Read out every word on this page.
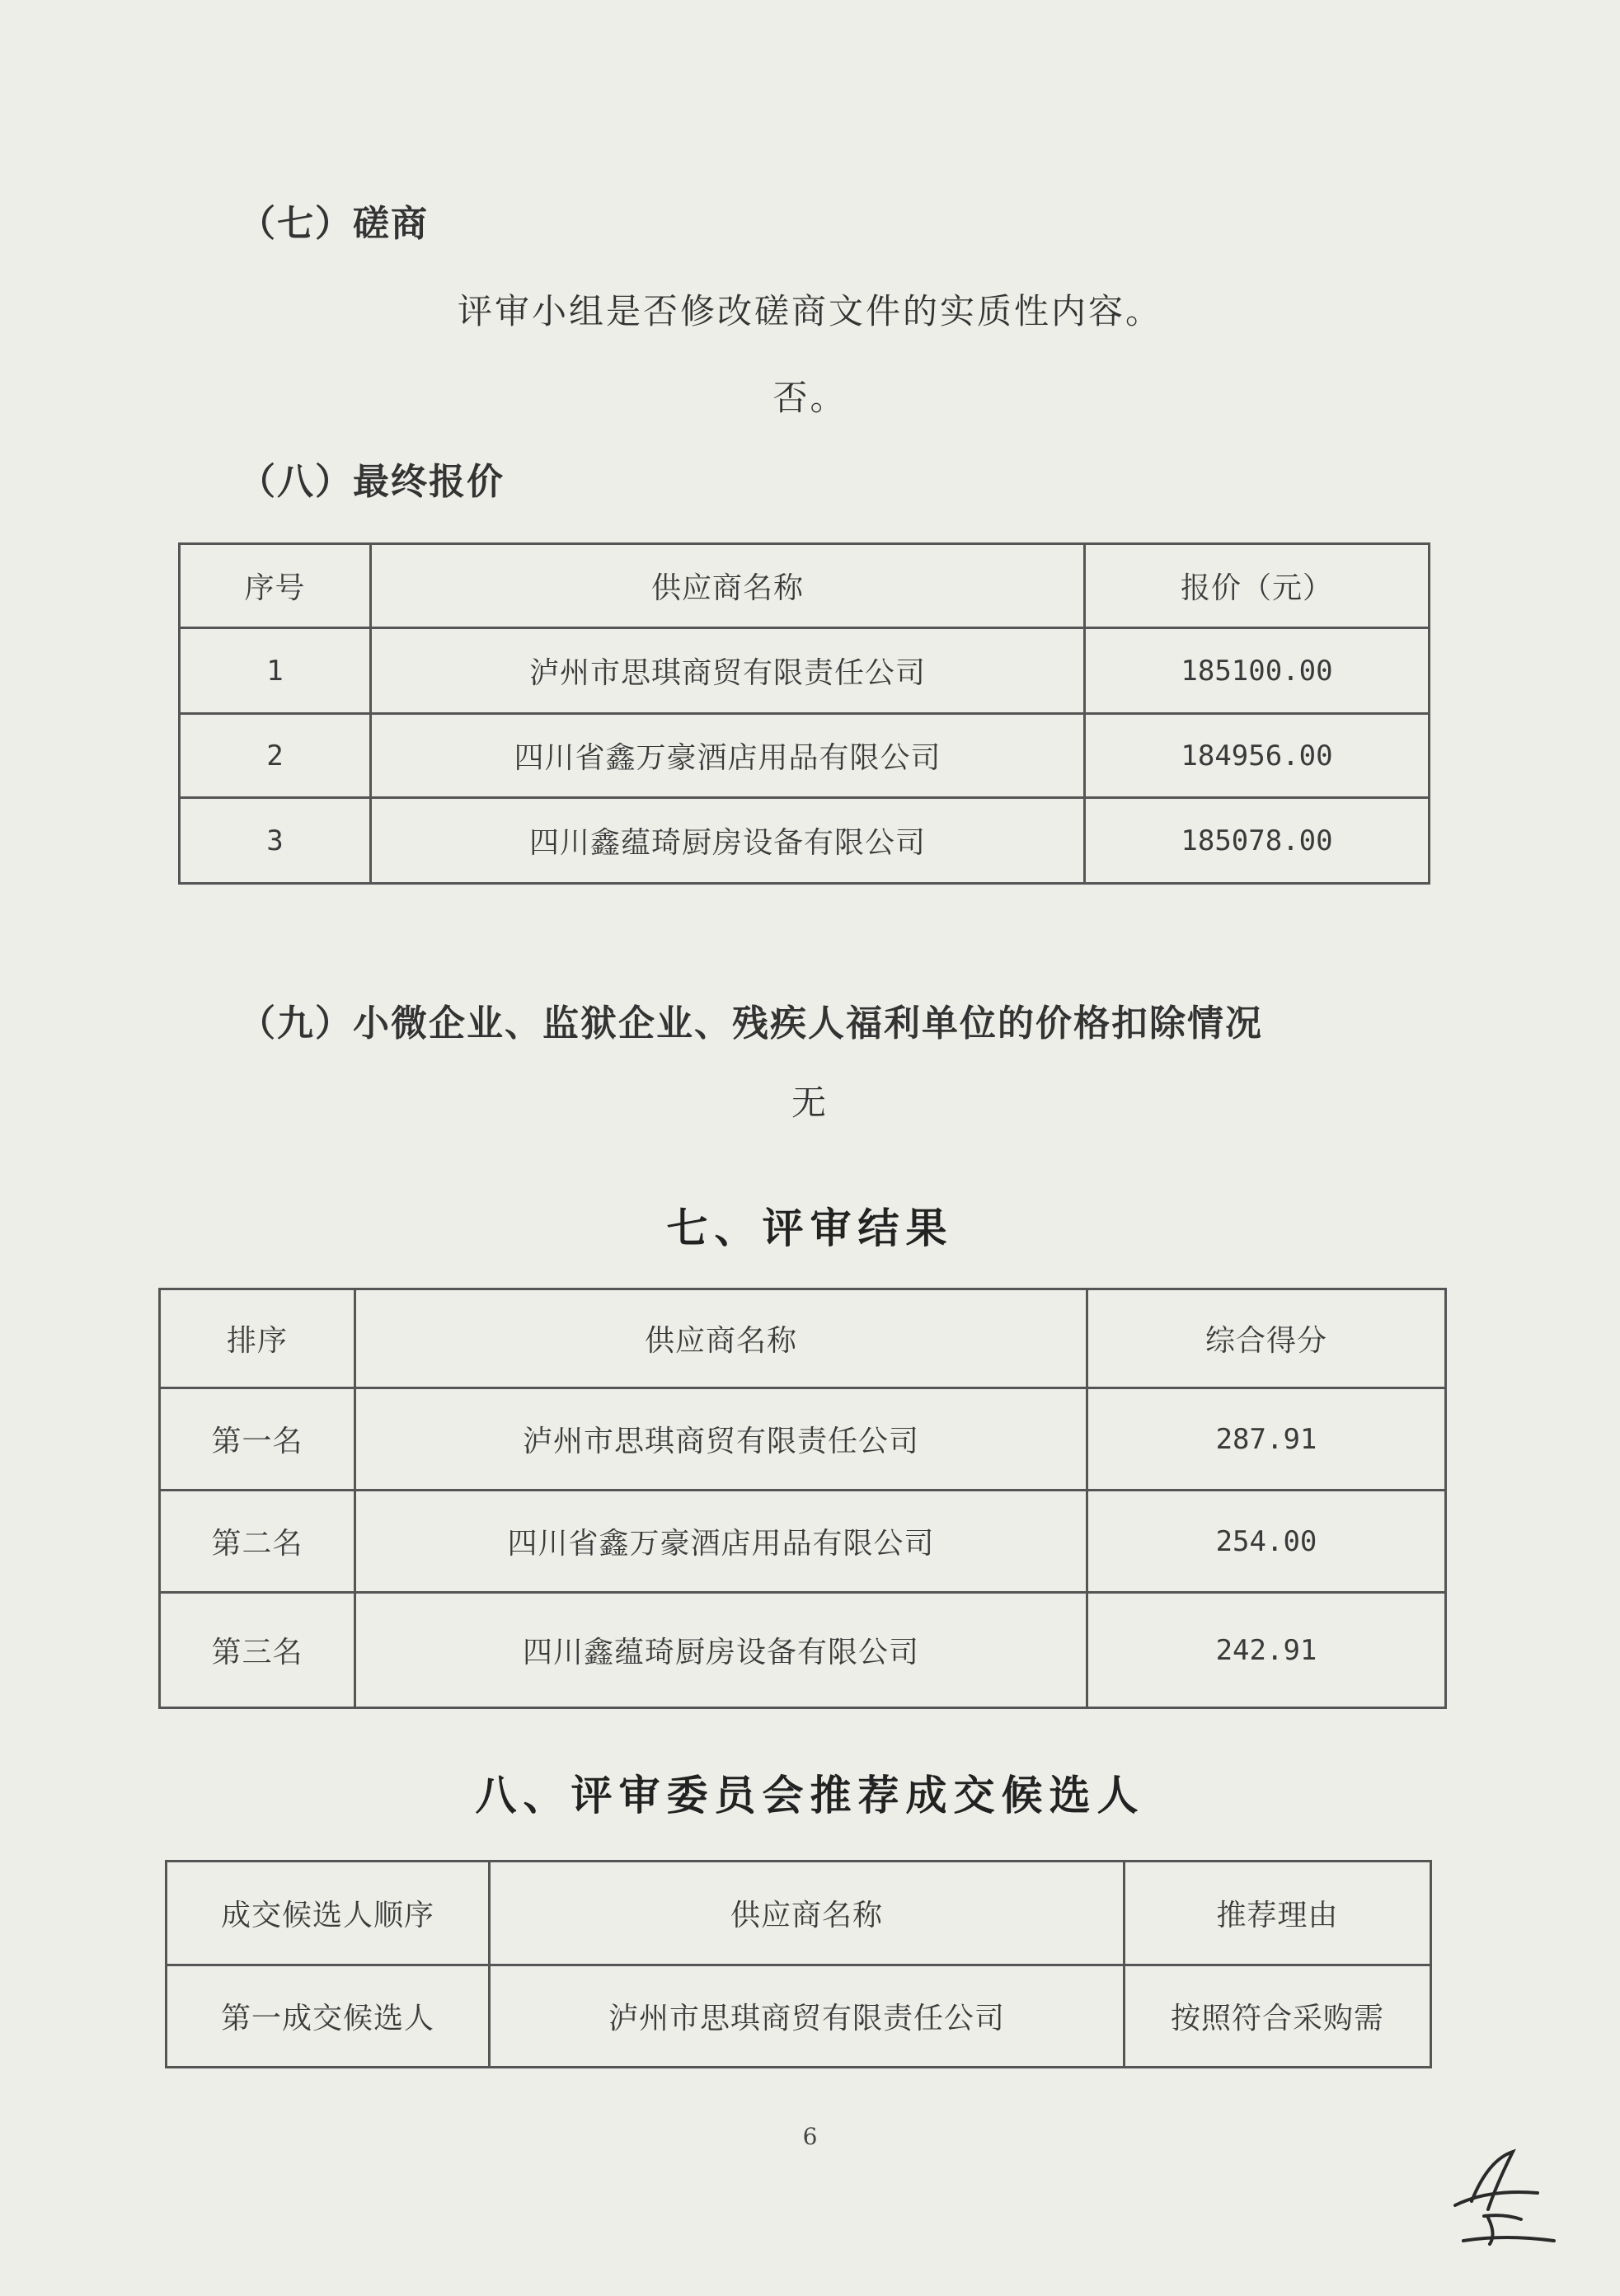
（七）磋商
评审小组是否修改磋商文件的实质性内容。
否。
（八）最终报价
序号	供应商名称	报价（元）
1	泸州市思琪商贸有限责任公司	185100.00
2	四川省鑫万豪酒店用品有限公司	184956.00
3	四川鑫蕴琦厨房设备有限公司	185078.00
（九）小微企业、监狱企业、残疾人福利单位的价格扣除情况
无
七、评审结果
排序	供应商名称	综合得分
第一名	泸州市思琪商贸有限责任公司	287.91
第二名	四川省鑫万豪酒店用品有限公司	254.00
第三名	四川鑫蕴琦厨房设备有限公司	242.91
八、评审委员会推荐成交候选人
成交候选人顺序	供应商名称	推荐理由
第一成交候选人	泸州市思琪商贸有限责任公司	按照符合采购需
6
